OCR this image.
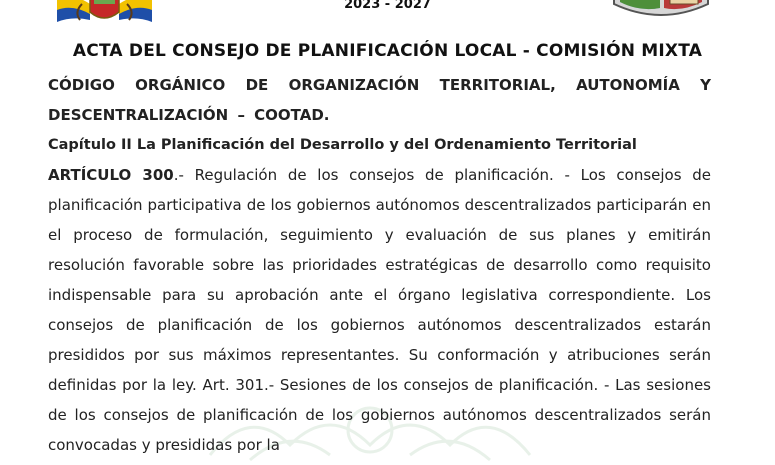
2023 - 2027
ACTA DEL CONSEJO DE PLANIFICACIÓN LOCAL - COMISIÓN MIXTA

CÓDIGO ORGÁNICO DE ORGANIZACIÓN TERRITORIAL, AUTONOMÍA Y DESCENTRALIZACIÓN – COOTAD.

Capítulo II La Planificación del Desarrollo y del Ordenamiento Territorial

ARTÍCULO 300.- Regulación de los consejos de planificación. - Los consejos de planificación participativa de los gobiernos autónomos descentralizados participarán en el proceso de formulación, seguimiento y evaluación de sus planes y emitirán resolución favorable sobre las prioridades estratégicas de desarrollo como requisito indispensable para su aprobación ante el órgano legislativa correspondiente. Los consejos de planificación de los gobiernos autónomos descentralizados estarán presididos por sus máximos representantes. Su conformación y atribuciones serán definidas por la ley. Art. 301.- Sesiones de los consejos de planificación. - Las sesiones de los consejos de planificación de los gobiernos autónomos descentralizados serán convocadas y presididas por la
